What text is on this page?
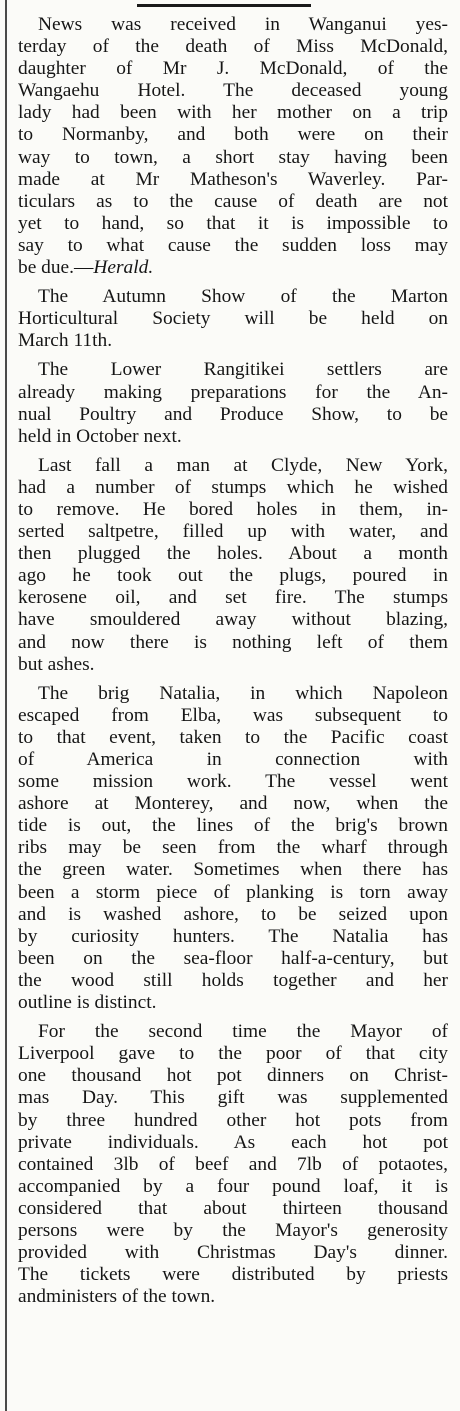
News was received in Wanganui yes-
terday of the death of Miss McDonald,
daughter of Mr J. McDonald, of the
Wangaehu Hotel. The deceased young
lady had been with her mother on a trip
to Normanby, and both were on their
way to town, a short stay having been
made at Mr Matheson's Waverley. Par-
ticulars as to the cause of death are not
yet to hand, so that it is impossible to
say to what cause the sudden loss may
be due.—Herald.

The Autumn Show of the Marton
Horticultural Society will be held on
March 11th.

The Lower Rangitikei settlers are
already making preparations for the An-
nual Poultry and Produce Show, to be
held in October next.

Last fall a man at Clyde, New York,
had a number of stumps which he wished
to remove. He bored holes in them, in-
serted saltpetre, filled up with water, and
then plugged the holes. About a month
ago he took out the plugs, poured in
kerosene oil, and set fire. The stumps
have smouldered away without blazing,
and now there is nothing left of them
but ashes.

The brig Natalia, in which Napoleon
escaped from Elba, was subsequent to
to that event, taken to the Pacific coast
of America in connection with
some mission work. The vessel went
ashore at Monterey, and now, when the
tide is out, the lines of the brig's brown
ribs may be seen from the wharf through
the green water. Sometimes when there has
been a storm piece of planking is torn away
and is washed ashore, to be seized upon
by curiosity hunters. The Natalia has
been on the sea-floor half-a-century, but
the wood still holds together and her
outline is distinct.

For the second time the Mayor of
Liverpool gave to the poor of that city
one thousand hot pot dinners on Christ-
mas Day. This gift was supplemented
by three hundred other hot pots from
private individuals. As each hot pot
contained 3lb of beef and 7lb of potaotes,
accompanied by a four pound loaf, it is
considered that about thirteen thousand
persons were by the Mayor's generosity
provided with Christmas Day's dinner.
The tickets were distributed by priests
andministers of the town.
